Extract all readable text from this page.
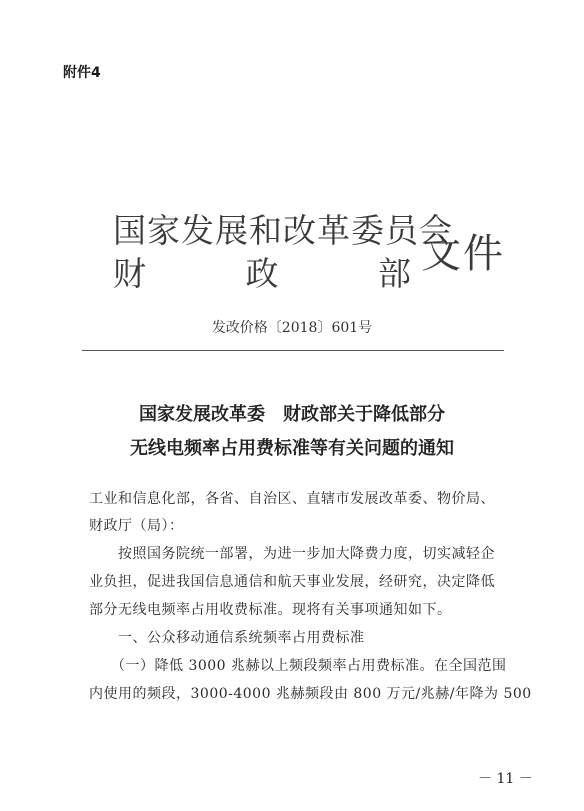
附件4
国家发展和改革委员会
财	政	部 文件
发改价格〔2018〕601号
国家发展改革委　财政部关于降低部分
无线电频率占用费标准等有关问题的通知
工业和信息化部，各省、自治区、直辖市发展改革委、物价局、
财政厅（局）：
　　按照国务院统一部署，为进一步加大降费力度，切实减轻企
业负担，促进我国信息通信和航天事业发展，经研究，决定降低
部分无线电频率占用收费标准。现将有关事项通知如下。
　　一、公众移动通信系统频率占用费标准
　　（一）降低 3000 兆赫以上频段频率占用费标准。在全国范围
内使用的频段，3000-4000 兆赫频段由 800 万元/兆赫/年降为 500
－ 11 －
